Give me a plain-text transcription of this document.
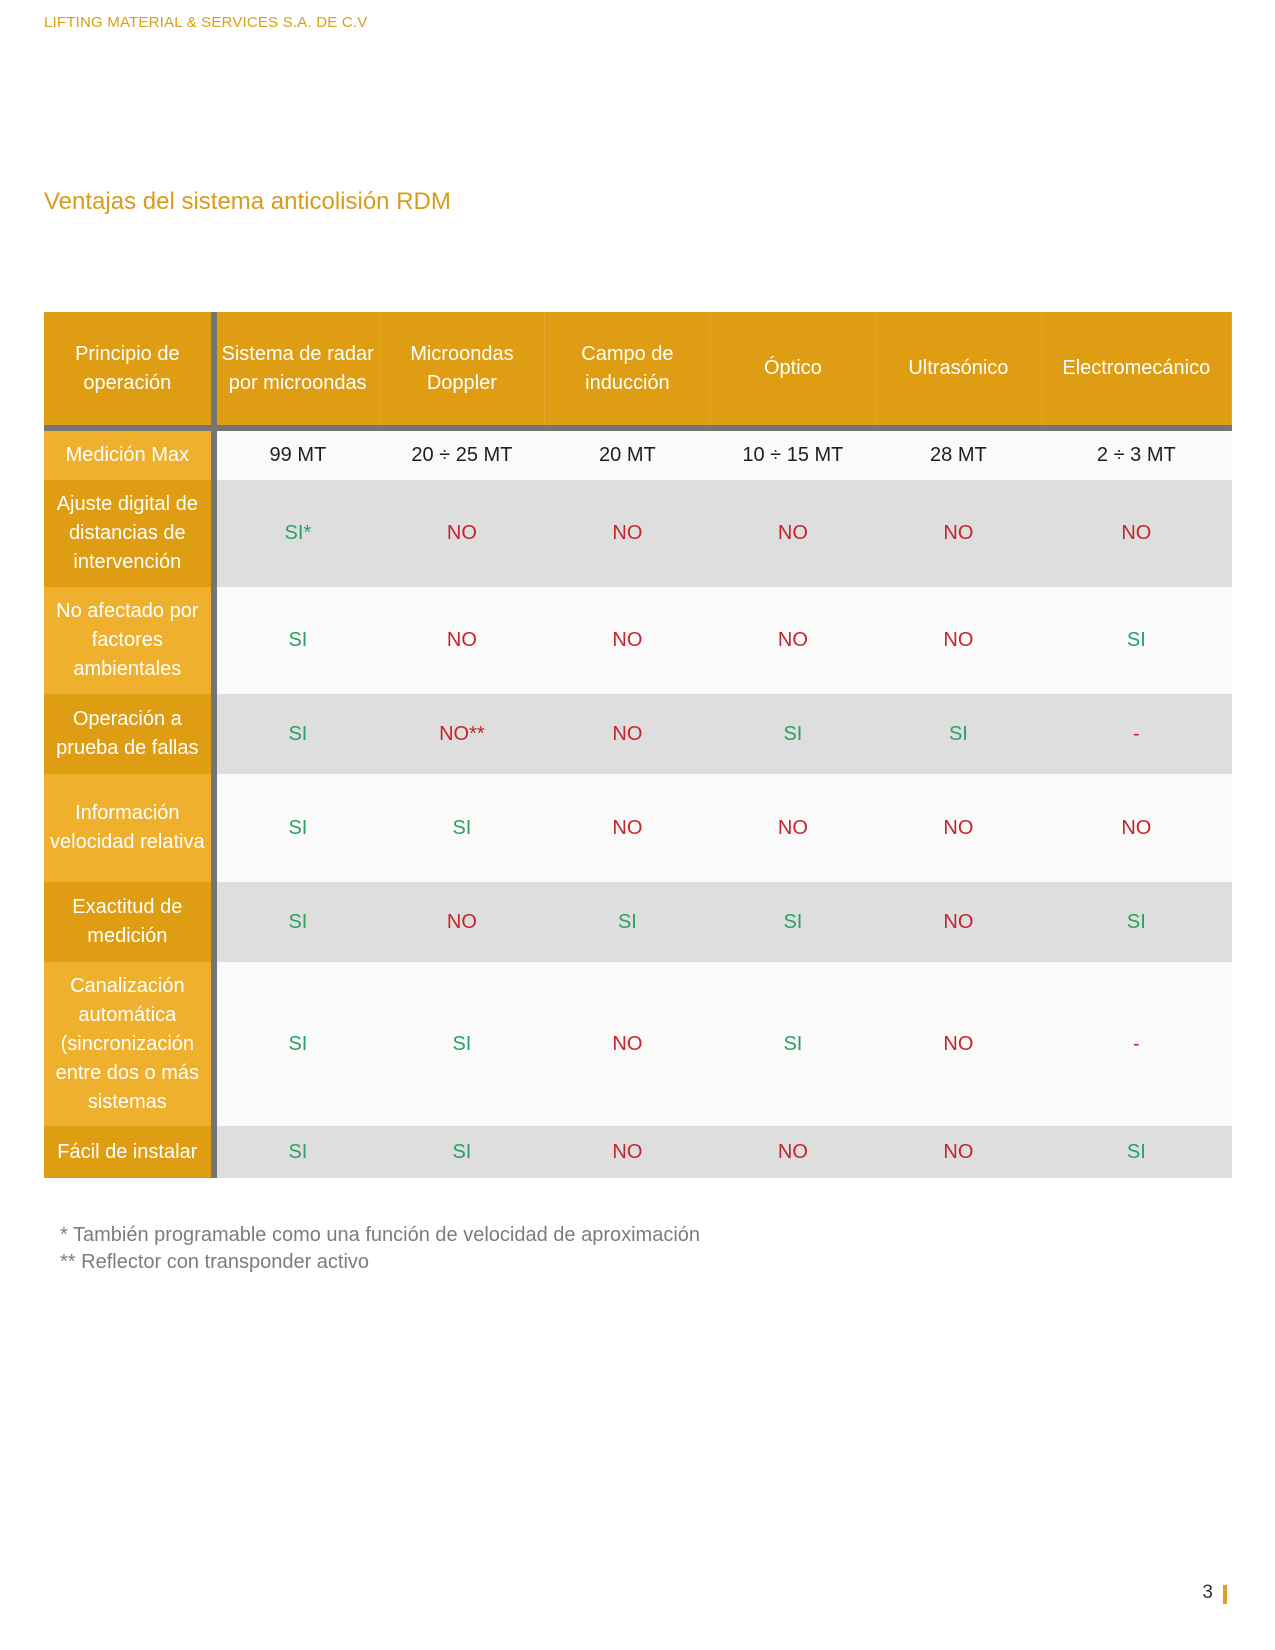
LIFTING MATERIAL & SERVICES S.A. DE C.V
Ventajas del sistema anticolisión RDM
Principio de operación	Sistema de radar por microondas	Microondas Doppler	Campo de inducción	Óptico	Ultrasónico	Electromecánico
Medición Max	99 MT	20 ÷ 25 MT	20 MT	10 ÷ 15 MT	28 MT	2 ÷ 3 MT
Ajuste digital de distancias de intervención	SI*	NO	NO	NO	NO	NO
No afectado por factores ambientales	SI	NO	NO	NO	NO	SI
Operación a prueba de fallas	SI	NO**	NO	SI	SI	-
Información velocidad relativa	SI	SI	NO	NO	NO	NO
Exactitud de medición	SI	NO	SI	SI	NO	SI
Canalización automática (sincronización entre dos o más sistemas	SI	SI	NO	SI	NO	-
Fácil de instalar	SI	SI	NO	NO	NO	SI
* También programable como una función de velocidad de aproximación
** Reflector con transponder activo
3
